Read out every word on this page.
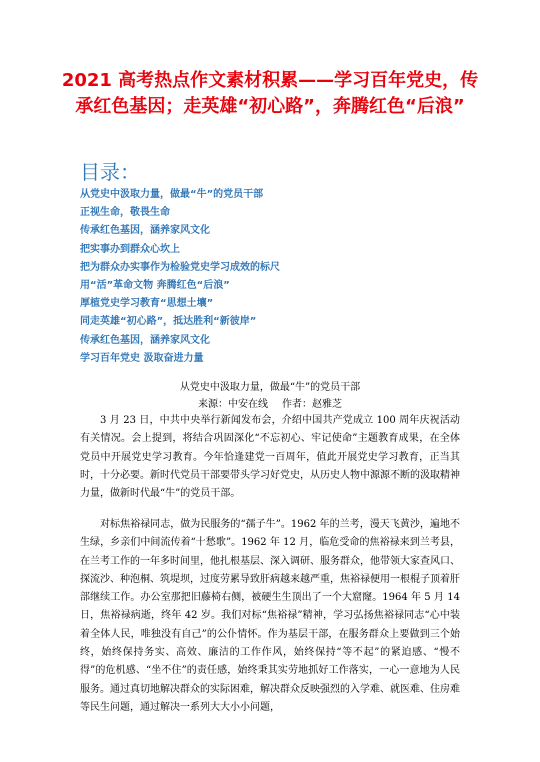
2021 高考热点作文素材积累——学习百年党史，传承红色基因；走英雄“初心路”，奔腾红色“后浪”
目录：
从党史中汲取力量，做最“牛”的党员干部
正视生命，敬畏生命
传承红色基因，涵养家风文化
把实事办到群众心坎上
把为群众办实事作为检验党史学习成效的标尺
用“活”革命文物 奔腾红色“后浪”
厚植党史学习教育“思想土壤”
同走英雄“初心路”，抵达胜利“新彼岸”
传承红色基因，涵养家风文化
学习百年党史 汲取奋进力量
从党史中汲取力量，做最“牛”的党员干部
来源：中安在线 作者：赵雅芝

3 月 23 日，中共中央举行新闻发布会，介绍中国共产党成立 100 周年庆祝活动有关情况。会上提到，将结合巩固深化“不忘初心、牢记使命”主题教育成果，在全体党员中开展党史学习教育。今年恰逢建党一百周年，值此开展党史学习教育，正当其时，十分必要。新时代党员干部要带头学习好党史，从历史人物中源源不断的汲取精神力量，做新时代最“牛”的党员干部。

对标焦裕禄同志，做为民服务的“孺子牛”。1962 年的兰考，漫天飞黄沙，遍地不生绿，乡亲们中间流传着“十愁歌”。1962 年 12 月，临危受命的焦裕禄来到兰考县，在兰考工作的一年多时间里，他扎根基层、深入调研、服务群众，他带领大家查风口、探流沙、种泡桐、筑堤坝，过度劳累导致肝病越来越严重，焦裕禄便用一根棍子顶着肝部继续工作。办公室那把旧藤椅右侧，被硬生生顶出了一个大窟窿。1964 年 5 月 14 日，焦裕禄病逝，终年 42 岁。我们对标“焦裕禄”精神，学习弘扬焦裕禄同志“心中装着全体人民，唯独没有自己”的公仆情怀。作为基层干部，在服务群众上要做到三个始终，始终保持务实、高效、廉洁的工作作风，始终保持“等不起”的紧迫感、“慢不得”的危机感、“坐不住”的责任感，始终秉其实劳地抓好工作落实，一心一意地为人民服务。通过真切地解决群众的实际困难，解决群众反映强烈的入学难、就医难、住房难等民生问题，通过解决一系列大大小小问题，
